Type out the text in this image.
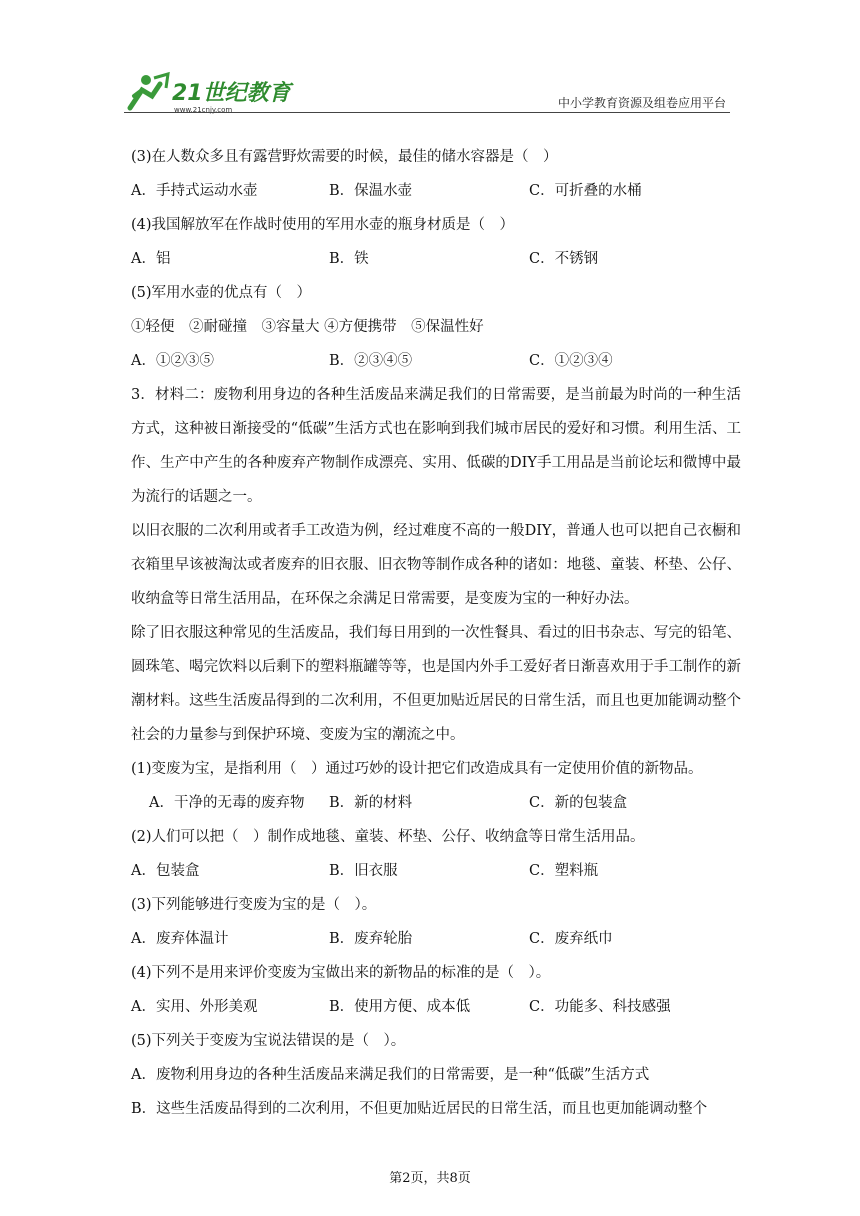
21世纪教育
www.21cnjy.com	中小学教育资源及组卷应用平台
(3)在人数众多且有露营野炊需要的时候，最佳的储水容器是（　）
A．手持式运动水壶	B．保温水壶	C．可折叠的水桶
(4)我国解放军在作战时使用的军用水壶的瓶身材质是（　）
A．铝	B．铁	C．不锈钢
(5)军用水壶的优点有（　）
①轻便　②耐碰撞　③容量大 ④方便携带　⑤保温性好
A．①②③⑤	B．②③④⑤	C．①②③④
3．材料二：废物利用身边的各种生活废品来满足我们的日常需要，是当前最为时尚的一种生活方式，这种被日渐接受的“低碳”生活方式也在影响到我们城市居民的爱好和习惯。利用生活、工作、生产中产生的各种废弃产物制作成漂亮、实用、低碳的DIY手工用品是当前论坛和微博中最为流行的话题之一。
以旧衣服的二次利用或者手工改造为例，经过难度不高的一般DIY，普通人也可以把自己衣橱和衣箱里早该被淘汰或者废弃的旧衣服、旧衣物等制作成各种的诸如：地毯、童装、杯垫、公仔、收纳盒等日常生活用品，在环保之余满足日常需要，是变废为宝的一种好办法。
除了旧衣服这种常见的生活废品，我们每日用到的一次性餐具、看过的旧书杂志、写完的铅笔、圆珠笔、喝完饮料以后剩下的塑料瓶罐等等，也是国内外手工爱好者日渐喜欢用于手工制作的新潮材料。这些生活废品得到的二次利用，不但更加贴近居民的日常生活，而且也更加能调动整个社会的力量参与到保护环境、变废为宝的潮流之中。
(1)变废为宝，是指利用（　）通过巧妙的设计把它们改造成具有一定使用价值的新物品。
A．干净的无毒的废弃物 B．新的材料	C．新的包装盒
(2)人们可以把（　）制作成地毯、童装、杯垫、公仔、收纳盒等日常生活用品。
A．包装盒	B．旧衣服	C．塑料瓶
(3)下列能够进行变废为宝的是（　）。
A．废弃体温计	B．废弃轮胎	C．废弃纸巾
(4)下列不是用来评价变废为宝做出来的新物品的标准的是（　）。
A．实用、外形美观	B．使用方便、成本低	C．功能多、科技感强
(5)下列关于变废为宝说法错误的是（　）。
A．废物利用身边的各种生活废品来满足我们的日常需要，是一种“低碳”生活方式
B．这些生活废品得到的二次利用，不但更加贴近居民的日常生活，而且也更加能调动整个
第2页，共8页
